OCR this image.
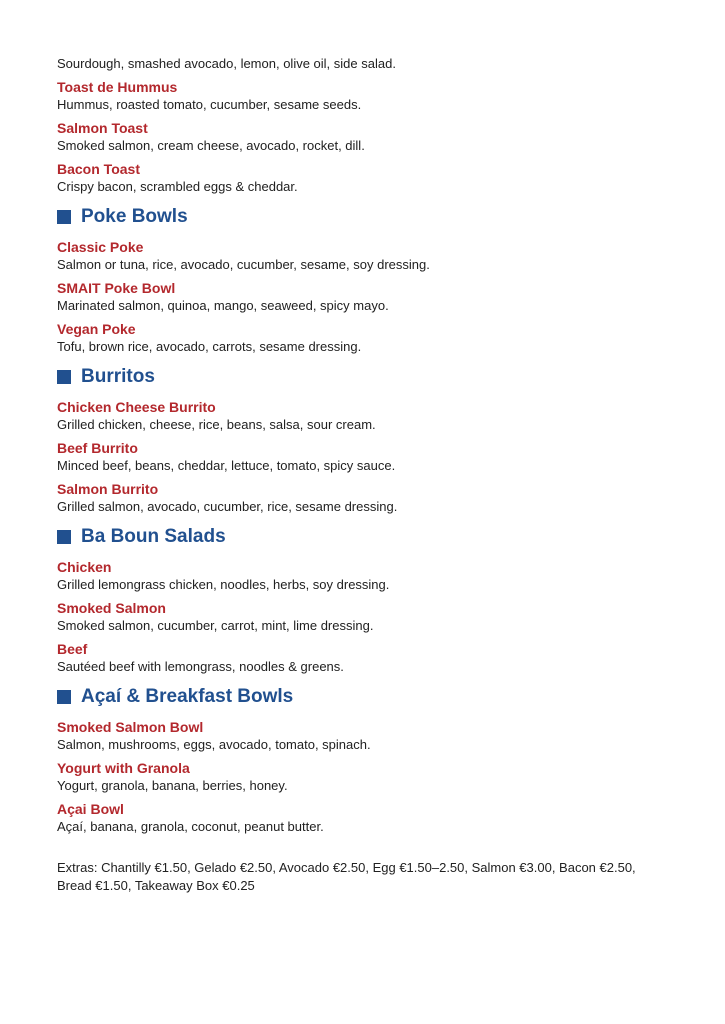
Sourdough, smashed avocado, lemon, olive oil, side salad.

Toast de Hummus

Hummus, roasted tomato, cucumber, sesame seeds.

Salmon Toast

Smoked salmon, cream cheese, avocado, rocket, dill.

Bacon Toast

Crispy bacon, scrambled eggs & cheddar.

Poke Bowls
Classic Poke

Salmon or tuna, rice, avocado, cucumber, sesame, soy dressing.

SMAIT Poke Bowl

Marinated salmon, quinoa, mango, seaweed, spicy mayo.

Vegan Poke

Tofu, brown rice, avocado, carrots, sesame dressing.

Burritos
Chicken Cheese Burrito

Grilled chicken, cheese, rice, beans, salsa, sour cream.

Beef Burrito

Minced beef, beans, cheddar, lettuce, tomato, spicy sauce.

Salmon Burrito

Grilled salmon, avocado, cucumber, rice, sesame dressing.

Ba Boun Salads
Chicken

Grilled lemongrass chicken, noodles, herbs, soy dressing.

Smoked Salmon

Smoked salmon, cucumber, carrot, mint, lime dressing.

Beef

Sautéed beef with lemongrass, noodles & greens.

Açaí & Breakfast Bowls
Smoked Salmon Bowl

Salmon, mushrooms, eggs, avocado, tomato, spinach.

Yogurt with Granola

Yogurt, granola, banana, berries, honey.

Açai Bowl

Açaí, banana, granola, coconut, peanut butter.

Extras: Chantilly €1.50, Gelado €2.50, Avocado €2.50, Egg €1.50–2.50, Salmon €3.00, Bacon €2.50, Bread €1.50, Takeaway Box €0.25
